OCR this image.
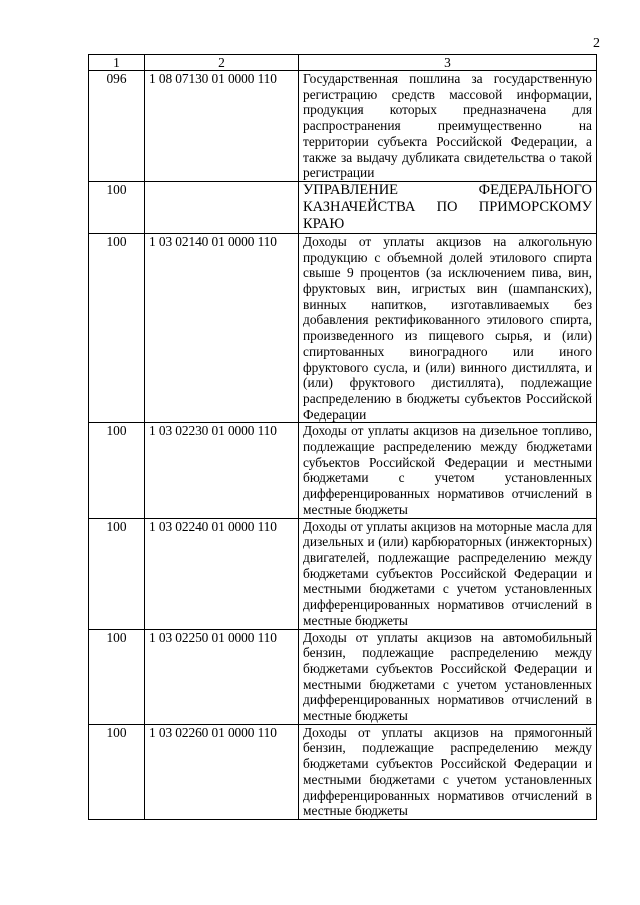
2
1	2	3
096	1 08 07130 01 0000 110	Государственная пошлина за государственную регистрацию средств массовой информации, продукция которых предназначена для распространения преимущественно на территории субъекта Российской Федерации, а также за выдачу дубликата свидетельства о такой регистрации
100		УПРАВЛЕНИЕ ФЕДЕРАЛЬНОГО КАЗНАЧЕЙСТВА ПО ПРИМОРСКОМУ КРАЮ
100	1 03 02140 01 0000 110	Доходы от уплаты акцизов на алкогольную продукцию с объемной долей этилового спирта свыше 9 процентов (за исключением пива, вин, фруктовых вин, игристых вин (шампанских), винных напитков, изготавливаемых без добавления ректификованного этилового спирта, произведенного из пищевого сырья, и (или) спиртованных виноградного или иного фруктового сусла, и (или) винного дистиллята, и (или) фруктового дистиллята), подлежащие распределению в бюджеты субъектов Российской Федерации
100	1 03 02230 01 0000 110	Доходы от уплаты акцизов на дизельное топливо, подлежащие распределению между бюджетами субъектов Российской Федерации и местными бюджетами с учетом установленных дифференцированных нормативов отчислений в местные бюджеты
100	1 03 02240 01 0000 110	Доходы от уплаты акцизов на моторные масла для дизельных и (или) карбюраторных (инжекторных) двигателей, подлежащие распределению между бюджетами субъектов Российской Федерации и местными бюджетами с учетом установленных дифференцированных нормативов отчислений в местные бюджеты
100	1 03 02250 01 0000 110	Доходы от уплаты акцизов на автомобильный бензин, подлежащие распределению между бюджетами субъектов Российской Федерации и местными бюджетами с учетом установленных дифференцированных нормативов отчислений в местные бюджеты
100	1 03 02260 01 0000 110	Доходы от уплаты акцизов на прямогонный бензин, подлежащие распределению между бюджетами субъектов Российской Федерации и местными бюджетами с учетом установленных дифференцированных нормативов отчислений в местные бюджеты
